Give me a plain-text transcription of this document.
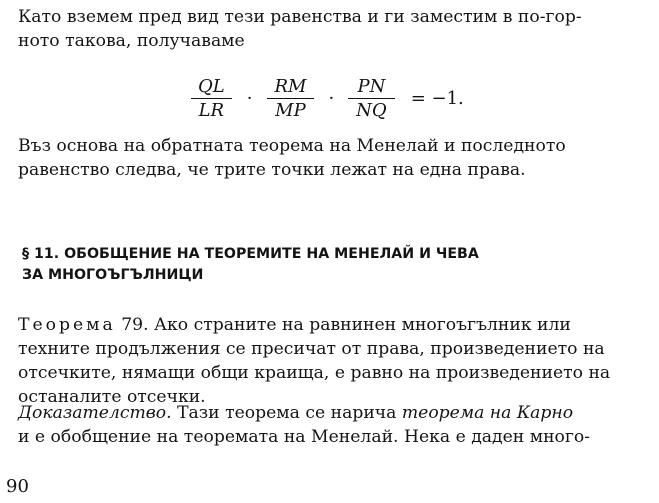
Като вземем пред вид тези равенства и ги заместим в по-гор-
ното такова, получаваме
$\frac{QL}{LR} \cdot \frac{RM}{MP} \cdot \frac{PN}{NQ} = -1$.
Въз основа на обратната теорема на Менелай и последното
равенство следва, че трите точки лежат на една права.
§ 11. ОБОБЩЕНИЕ НА ТЕОРЕМИТЕ НА МЕНЕЛАЙ И ЧЕВА
ЗА МНОГОЪГЪЛНИЦИ
Теорема 79. Ако страните на равнинен многоъгълник или
техните продължения се пресичат от права, произведението на
отсечките, нямащи общи краища, е равно на произведението на
останалите отсечки.
Доказателство. Тази теорема се нарича теорема на Карно
и е обобщение на теоремата на Менелай. Нека е даден много-
90
